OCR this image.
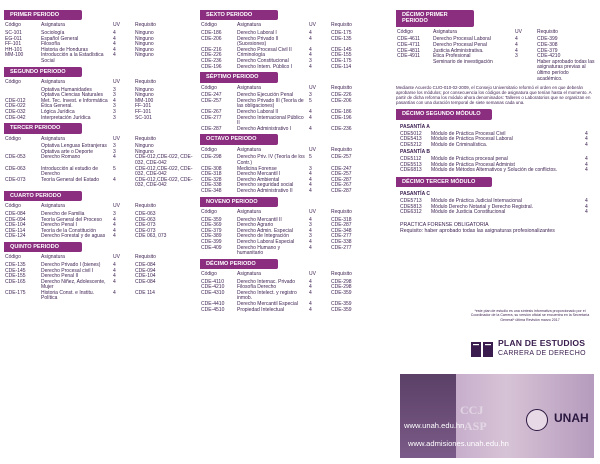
PRIMER PERIODO
Código	Asignatura	UV	Requisito
SC-101	Sociología	4	Ninguno
EG-011	Español General	4	Ninguno
FF-101	Filosofía	4	Ninguno
HH-101	Historia de Honduras	4	Ninguno
MM-100	Introducción a la Estadística Social	4	Ninguno
SEGUNDO PERIODO
Código	Asignatura	UV	Requisito
	Optativa Humanidades	3	Ninguno
	Optativa Ciencias Naturales	3	Ninguno
CDE-012	Met. Tec. Invest. e Informática	4	MM-100
CDE-022	Ética General.	3	FF-101
CDE-032	Lógica Jurídica	3	FF-101
CDE-042	Interpretación Jurídica	3	SC-101
TERCER PERIODO
Código	Asignatura	UV	Requisito
	Optativa Lenguas Extranjeras	3	Ninguno
	Optativa arte o Deporte	3	Ninguno
CDE-053	Derecho Romano	4	CDE-012,CDE-022, CDE-032, CDE-042
CDE-063	Introducción al estudio de Derecho	5	CDE-012,CDE-022, CDE-032, CDE-042
CDE-073	Teoría General del Estado	4	CDE-012,CDE-022, CDE-032, CDE-042
CUARTO PERIODO
Código	Asignatura	UV	Requisito
CDE-084	Derecho de Familia	3	CDE-063
CDE-094	Teoría General del Proceso	4	CDE-063
CDE-104	Derecho Penal I	4	CDE-073
CDE-114	Teoría de la Constitución	4	CDE-073
CDE-124	Derecho Forestal y de aguas	4	CDE 063, 073
QUINTO PERIODO
Código	Asignatura	UV	Requisito
CDE-135	Derecho Privado I (bienes)	4	CDE-084
CDE-145	Derecho Procesal civil I	4	CDE-094
CDE-155	Derecho Penal II	4	CDE-104
CDE-165	Derecho Niñez, Adolescente, Mujer	4	CDE-084
CDE-175	Historia Const. e Institu. Política	4	CDE 114
SEXTO PERIODO
Código	Asignatura	UV	Requisito
CDE-186	Derecho Laboral I	4	CDE-175
CDE-206	Derecho Privado II (Sucesiones)	4	CDE-135
CDE-216	Derecho Procesal Civil II	4	CDE-145
CDE-226	Criminología	4	CDE-155
CDE-236	Derecho Constitucional	3	CDE-175
CDE-196	Derecho Intern. Público I	4	CDE-114
SÉPTIMO PERIODO
Código	Asignatura	UV	Requisito
CDE-247	Derecho Ejecución Penal	3	CDE-226
CDE-257	Derecho Privado III (Teoría de las obligaciones)	5	CDE-206
CDE-267	Derecho Laboral II	4	CDE-186
CDE-277	Derecho Internacional Público II	4	CDE-196
CDE-287	Derecho Administrativo I	4	CDE-236
OCTAVO PERIODO
Código	Asignatura	UV	Requisito
CDE-298	Derecho Priv. IV (Teoría de los Contr.)	5	CDE-257
CDE-308	Medicina Forense	3	CDE-247
CDE-318	Derecho Mercantil I	4	CDE-257
CDE-328	Derecho Ambiental	4	CDE-287
CDE-338	Derecho seguridad social	4	CDE-267
CDE-348	Derecho Administrativo II	4	CDE-287
NOVENO PERIODO
Código	Asignatura	UV	Requisito
CDE-359	Derecho Mercantil II	4	CDE-318
CDE-369	Derecho Agrario	3	CDE-287
CDE-379	Derecho Admin. Especial	4	CDE-348
CDE-389	Derecho de Integración	3	CDE-277
CDE-399	Derecho Laboral Especial	4	CDE-338
CDE-409	Derecho Humano y humanitario	4	CDE-277
DÉCIMO PERIODO
Código	Asignatura	UV	Requisito
CDE-4110	Derecho Internac. Privado	4	CDE-298
CDE-4210	Filosofía Derecho	4	CDE-298
CDE-4310	Derecho Intelect. y registro inmob.	4	CDE-359
CDE-4410	Derecho Mercantil Especial	4	CDE-359
CDE-4510	Propiedad Intelectual	4	CDE-359
DÉCIMO PRIMER PERIODO
Código	Asignatura	UV	Requisito
CDE-4611	Derecho Procesal Laboral	4	CDE-399
CDE-4711	Derecho Procesal Penal	4	CDE-308
CDE-4811	Justicia Administrativa.	4	CDE-379
CDE-4911	Ética Profesional	3	CDE-4210
	Seminario de investigación		Haber aprobado todas las asignaturas previas al último período académico.
Mediante Acuerdo CUO-010-02-2009, el Consejo Universitario reformó el orden en que deberán aprobarse los módulos; por consecuencia los códigos de asignatura que tenían hasta el momento. A partir de dicha reforma los módulo ahora denominados: Talleres o Laboratorios que se organizan en pasantías con una duración temporal de siete semanas cada una.
DÉCIMO SEGUNDO MÓDULO
PASANTÍA A
CDE5012	Módulo de Práctica Procesal Civil	4
CDE5413	Módulo de Práctica Procesal Laboral	4
CDE5212	Módulo de Criminalística.	4
PASANTÍA B
CDE5112	Módulo de Práctica procesal penal	4
CDE5513	Módulo de Práctica Procesal Administ	4
CDE6813	Módulo de Métodos Alternativos y Solución de conflictos.	4
DÉCIMO TERCER MÓDULO
PASANTÍA C
CDE5713	Módulo de Práctica Judicial Internacional	4
CDE5813	Módulo Derecho Notarial y Derecho Registral.	4
CDE6312	Módulo de Justicia Constitucional	4
PRACTICA FORENSE OBLIGATORIA
Requisito: haber aprobado todas las asignaturas profesionalizantes
*este plan de estudio es una síntesis informativa proporcionado por el Coordinador de la Carrera, su versión oficial se encuentra en la Secretaría General* última Revisión marzo 2017
PLAN DE ESTUDIOS
CARRERA DE DERECHO
CCJ
ASP
www.unah.edu.hn
www.admisiones.unah.edu.hn
UNAH
